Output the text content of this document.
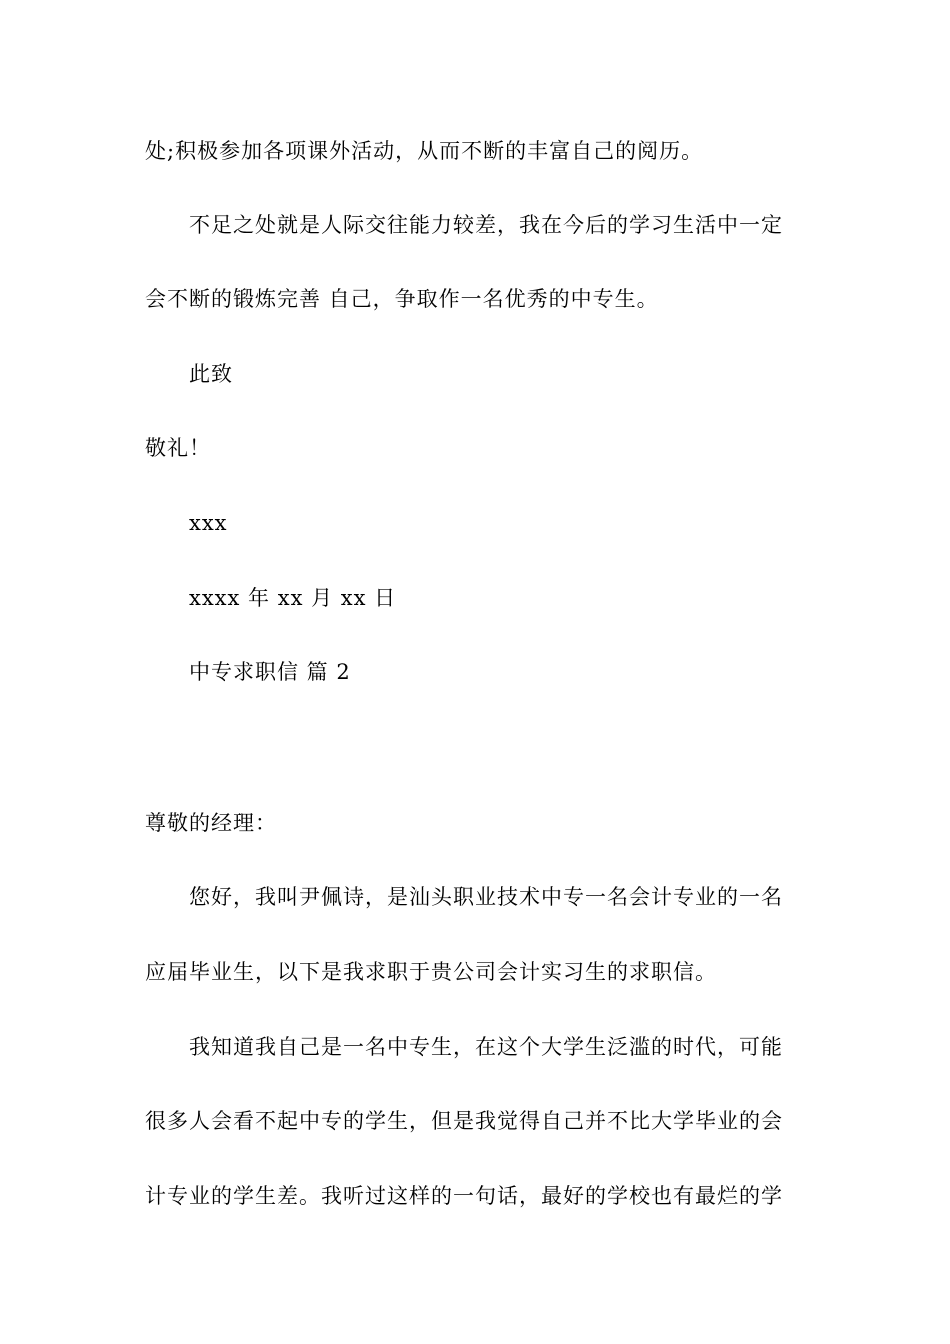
处;积极参加各项课外活动，从而不断的丰富自己的阅历。
不足之处就是人际交往能力较差，我在今后的学习生活中一定
会不断的锻炼完善 自己，争取作一名优秀的中专生。
此致
敬礼！
xxx
xxxx 年 xx 月 xx 日
中专求职信 篇 2
尊敬的经理：
您好，我叫尹佩诗，是汕头职业技术中专一名会计专业的一名
应届毕业生，以下是我求职于贵公司会计实习生的求职信。
我知道我自己是一名中专生，在这个大学生泛滥的时代，可能
很多人会看不起中专的学生，但是我觉得自己并不比大学毕业的会
计专业的学生差。我听过这样的一句话，最好的学校也有最烂的学
